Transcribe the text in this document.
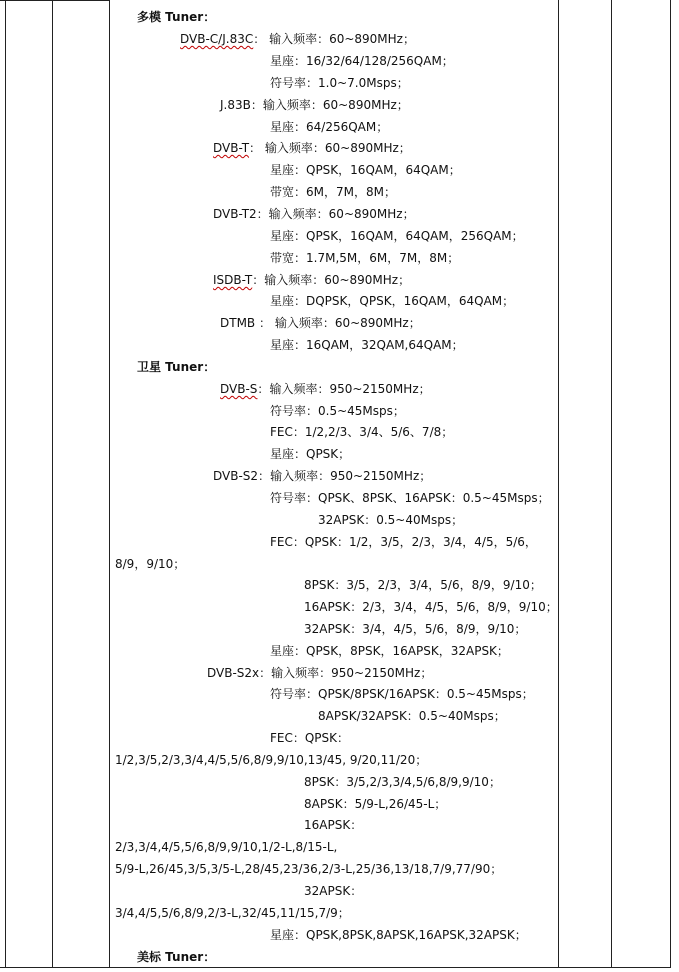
多模 Tuner：
DVB-C/J.83C： 输入频率：60~890MHz；
星座：16/32/64/128/256QAM；
符号率：1.0~7.0Msps；
J.83B：输入频率：60~890MHz；
星座：64/256QAM；
DVB-T： 输入频率：60~890MHz；
星座：QPSK，16QAM，64QAM；
带宽：6M，7M，8M；
DVB-T2：输入频率：60~890MHz；
星座：QPSK，16QAM，64QAM，256QAM；
带宽：1.7M,5M，6M，7M，8M；
ISDB-T：输入频率：60~890MHz；
星座：DQPSK，QPSK，16QAM，64QAM；
DTMB ： 输入频率：60~890MHz；
星座：16QAM，32QAM,64QAM；
卫星 Tuner：
DVB-S：输入频率：950~2150MHz；
符号率：0.5~45Msps；
FEC：1/2,2/3、3/4、5/6、7/8；
星座：QPSK；
DVB-S2：输入频率：950~2150MHz；
符号率：QPSK、8PSK、16APSK：0.5~45Msps；
32APSK：0.5~40Msps；
FEC：QPSK：1/2，3/5，2/3，3/4，4/5，5/6，
8/9，9/10；
8PSK：3/5，2/3，3/4，5/6，8/9，9/10；
16APSK：2/3，3/4，4/5，5/6，8/9，9/10；
32APSK：3/4，4/5，5/6，8/9，9/10；
星座：QPSK，8PSK，16APSK，32APSK；
DVB-S2x：输入频率：950~2150MHz；
符号率：QPSK/8PSK/16APSK：0.5~45Msps；
8APSK/32APSK：0.5~40Msps；
FEC：QPSK：
1/2,3/5,2/3,3/4,4/5,5/6,8/9,9/10,13/45, 9/20,11/20；
8PSK：3/5,2/3,3/4,5/6,8/9,9/10；
8APSK：5/9-L,26/45-L；
16APSK：
2/3,3/4,4/5,5/6,8/9,9/10,1/2-L,8/15-L,
5/9-L,26/45,3/5,3/5-L,28/45,23/36,2/3-L,25/36,13/18,7/9,77/90；
32APSK：
3/4,4/5,5/6,8/9,2/3-L,32/45,11/15,7/9；
星座：QPSK,8PSK,8APSK,16APSK,32APSK；
美标 Tuner：
